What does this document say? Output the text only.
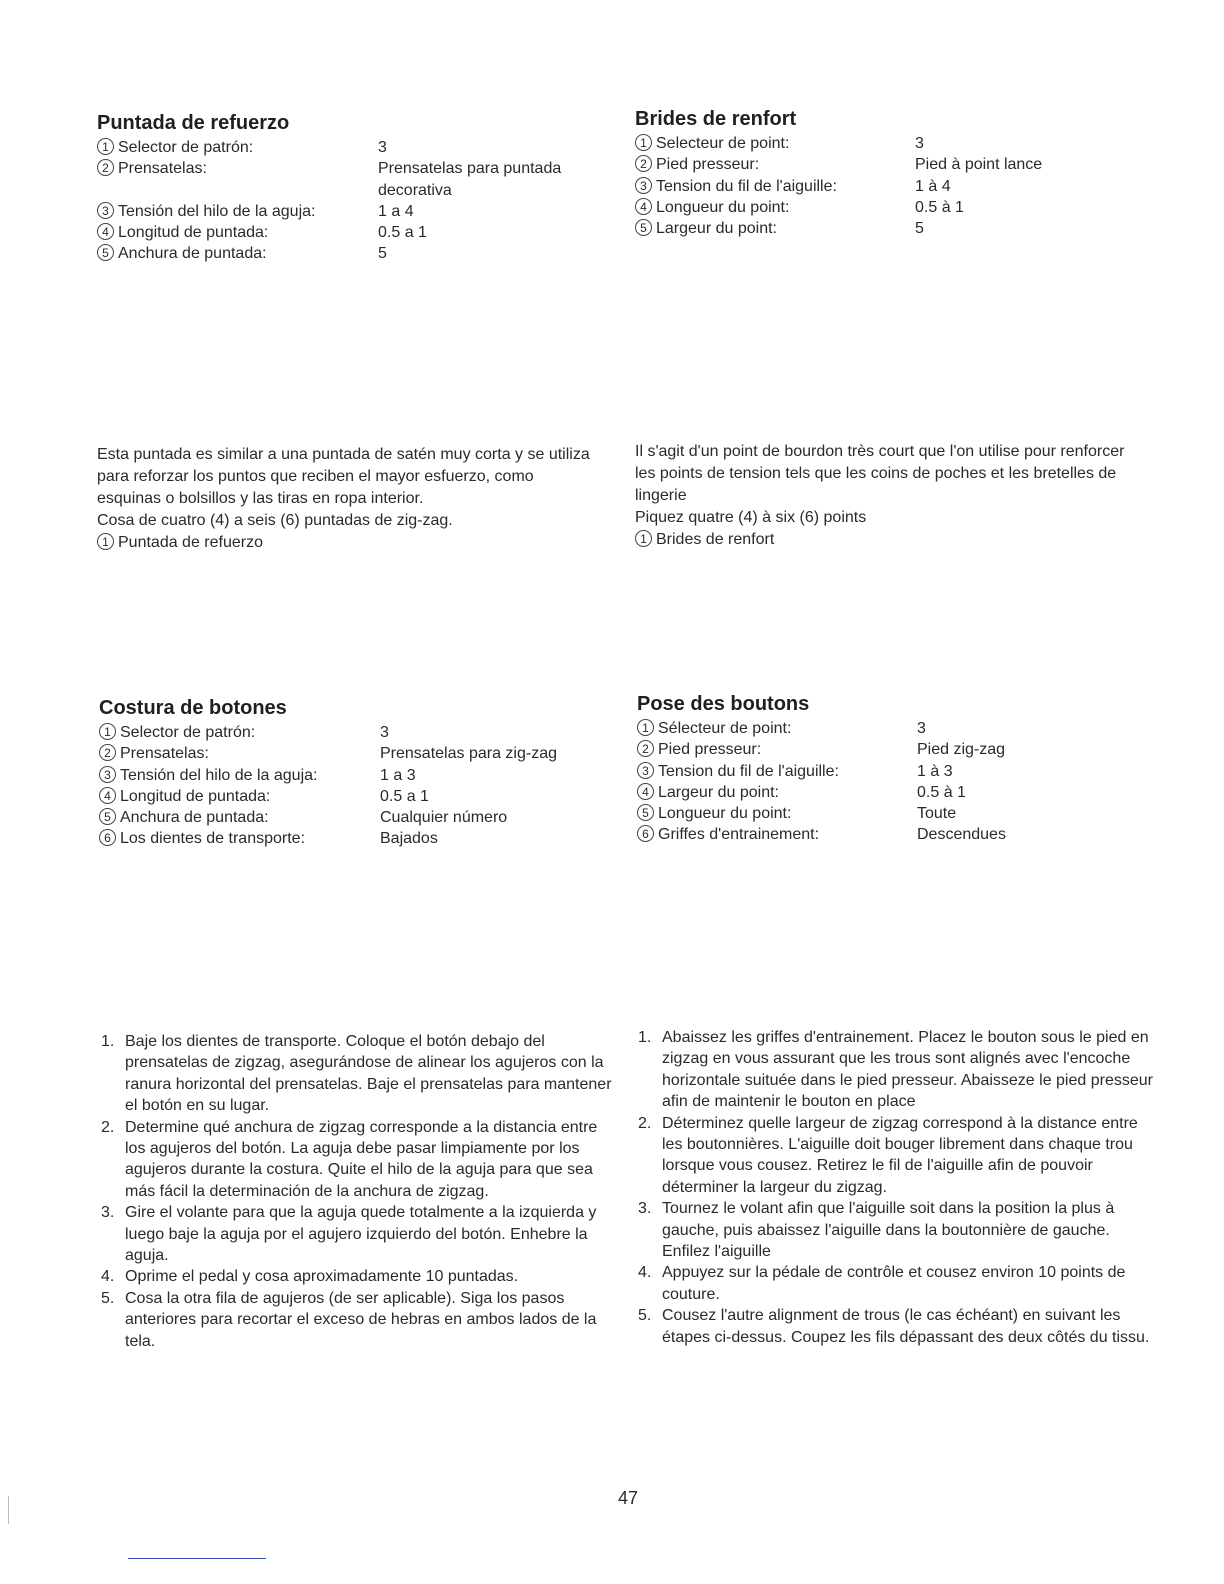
Puntada de refuerzo
1 Selector de patrón:	3
2 Prensatelas:	Prensatelas para puntada decorativa
3 Tensión del hilo de la aguja:	1 a 4
4 Longitud de puntada:	0.5 a 1
5 Anchura de puntada:	5
Brides de renfort
1 Selecteur de point:	3
2 Pied presseur:	Pied à point lance
3 Tension du fil de l'aiguille:	1 à 4
4 Longueur du point:	0.5 à 1
5 Largeur du point:	5
Esta puntada es similar a una puntada de satén muy corta y se utiliza para reforzar los puntos que reciben el mayor esfuerzo, como esquinas o bolsillos y las tiras en ropa interior.
Cosa de cuatro (4) a seis (6) puntadas de zig-zag.
1 Puntada de refuerzo
Il s'agit d'un point de bourdon très court que l'on utilise pour renforcer les points de tension tels que les coins de poches et les bretelles de lingerie
Piquez quatre (4) à six (6) points
1 Brides de renfort
Costura de botones
1 Selector de patrón:	3
2 Prensatelas:	Prensatelas para zig-zag
3 Tensión del hilo de la aguja:	1 a 3
4 Longitud de puntada:	0.5 a 1
5 Anchura de puntada:	Cualquier número
6 Los dientes de transporte:	Bajados
Pose des boutons
1 Sélecteur de point:	3
2 Pied presseur:	Pied zig-zag
3 Tension du fil de l'aiguille:	1 à 3
4 Largeur du point:	0.5 à 1
5 Longueur du point:	Toute
6 Griffes d'entrainement:	Descendues
1. Baje los dientes de transporte. Coloque el botón debajo del prensatelas de zigzag, asegurándose de alinear los agujeros con la ranura horizontal del prensatelas. Baje el prensatelas para mantener el botón en su lugar.
2. Determine qué anchura de zigzag corresponde a la distancia entre los agujeros del botón. La aguja debe pasar limpiamente por los agujeros durante la costura. Quite el hilo de la aguja para que sea más fácil la determinación de la anchura de zigzag.
3. Gire el volante para que la aguja quede totalmente a la izquierda y luego baje la aguja por el agujero izquierdo del botón. Enhebre la aguja.
4. Oprime el pedal y cosa aproximadamente 10 puntadas.
5. Cosa la otra fila de agujeros (de ser aplicable). Siga los pasos anteriores para recortar el exceso de hebras en ambos lados de la tela.
1. Abaissez les griffes d'entrainement. Placez le bouton sous le pied en zigzag en vous assurant que les trous sont alignés avec l'encoche horizontale suituée dans le pied presseur. Abaisseze le pied presseur afin de maintenir le bouton en place
2. Déterminez quelle largeur de zigzag correspond à la distance entre les boutonnières. L'aiguille doit bouger librement dans chaque trou lorsque vous cousez. Retirez le fil de l'aiguille afin de pouvoir déterminer la largeur du zigzag.
3. Tournez le volant afin que l'aiguille soit dans la position la plus à gauche, puis abaissez l'aiguille dans la boutonnière de gauche. Enfilez l'aiguille
4. Appuyez sur la pédale de contrôle et cousez environ 10 points de couture.
5. Cousez l'autre alignment de trous (le cas échéant) en suivant les étapes ci-dessus. Coupez les fils dépassant des deux côtés du tissu.
47
